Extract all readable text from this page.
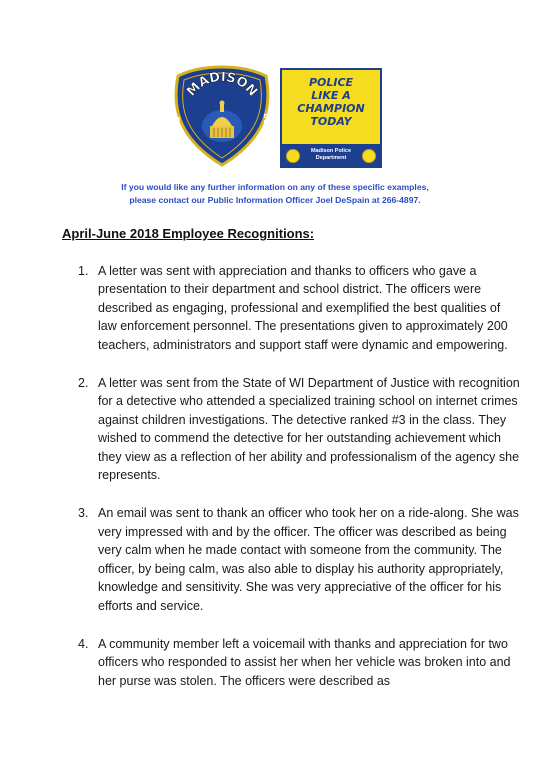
MADISON
POLICE	DEPARTMENT
POLICE
LIKE A
CHAMPION
TODAY
Madison Police Department
If you would like any further information on any of these specific examples,
please contact our Public Information Officer Joel DeSpain at 266-4897.
April-June 2018 Employee Recognitions:
1. A letter was sent with appreciation and thanks to officers who gave a presentation to their department and school district. The officers were described as engaging, professional and exemplified the best qualities of law enforcement personnel. The presentations given to approximately 200 teachers, administrators and support staff were dynamic and empowering.
2. A letter was sent from the State of WI Department of Justice with recognition for a detective who attended a specialized training school on internet crimes against children investigations. The detective ranked #3 in the class. They wished to commend the detective for her outstanding achievement which they view as a reflection of her ability and professionalism of the agency she represents.
3. An email was sent to thank an officer who took her on a ride-along. She was very impressed with and by the officer. The officer was described as being very calm when he made contact with someone from the community. The officer, by being calm, was also able to display his authority appropriately, knowledge and sensitivity. She was very appreciative of the officer for his efforts and service.
4. A community member left a voicemail with thanks and appreciation for two officers who responded to assist her when her vehicle was broken into and her purse was stolen. The officers were described as
